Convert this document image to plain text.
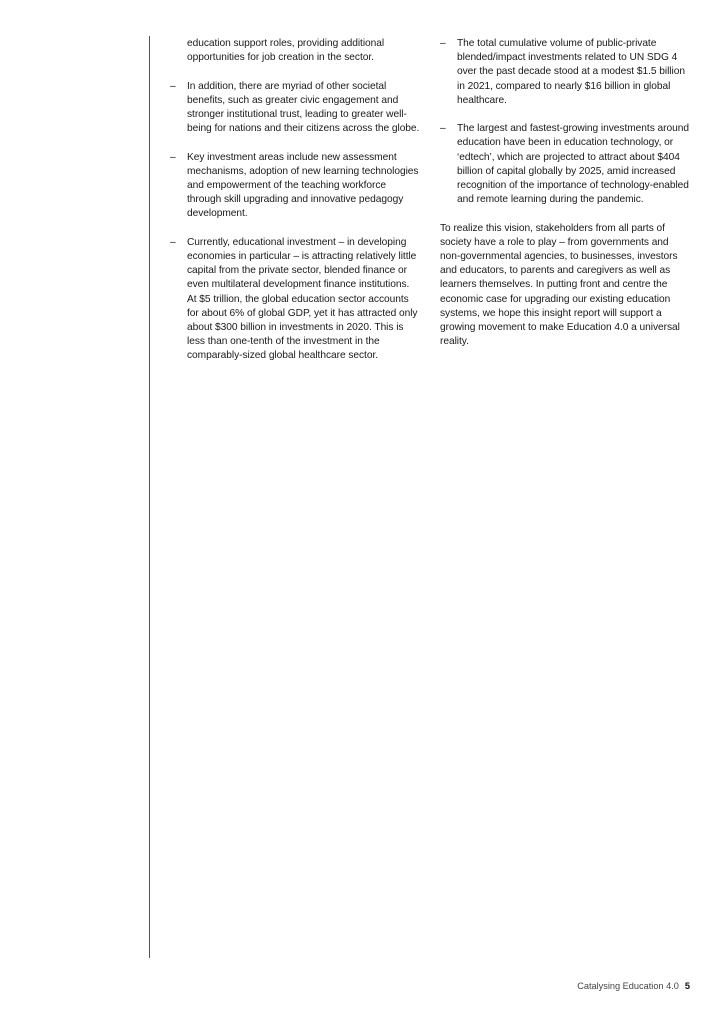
education support roles, providing additional opportunities for job creation in the sector.

– In addition, there are myriad of other societal benefits, such as greater civic engagement and stronger institutional trust, leading to greater well-being for nations and their citizens across the globe.
– Key investment areas include new assessment mechanisms, adoption of new learning technologies and empowerment of the teaching workforce through skill upgrading and innovative pedagogy development.
– Currently, educational investment – in developing economies in particular – is attracting relatively little capital from the private sector, blended finance or even multilateral development finance institutions. At $5 trillion, the global education sector accounts for about 6% of global GDP, yet it has attracted only about $300 billion in investments in 2020. This is less than one-tenth of the investment in the comparably-sized global healthcare sector.
– The total cumulative volume of public-private blended/impact investments related to UN SDG 4 over the past decade stood at a modest $1.5 billion in 2021, compared to nearly $16 billion in global healthcare.
– The largest and fastest-growing investments around education have been in education technology, or ‘edtech’, which are projected to attract about $404 billion of capital globally by 2025, amid increased recognition of the importance of technology-enabled and remote learning during the pandemic.

To realize this vision, stakeholders from all parts of society have a role to play – from governments and non-governmental agencies, to businesses, investors and educators, to parents and caregivers as well as learners themselves. In putting front and centre the economic case for upgrading our existing education systems, we hope this insight report will support a growing movement to make Education 4.0 a universal reality.

Catalysing Education 4.0 5
